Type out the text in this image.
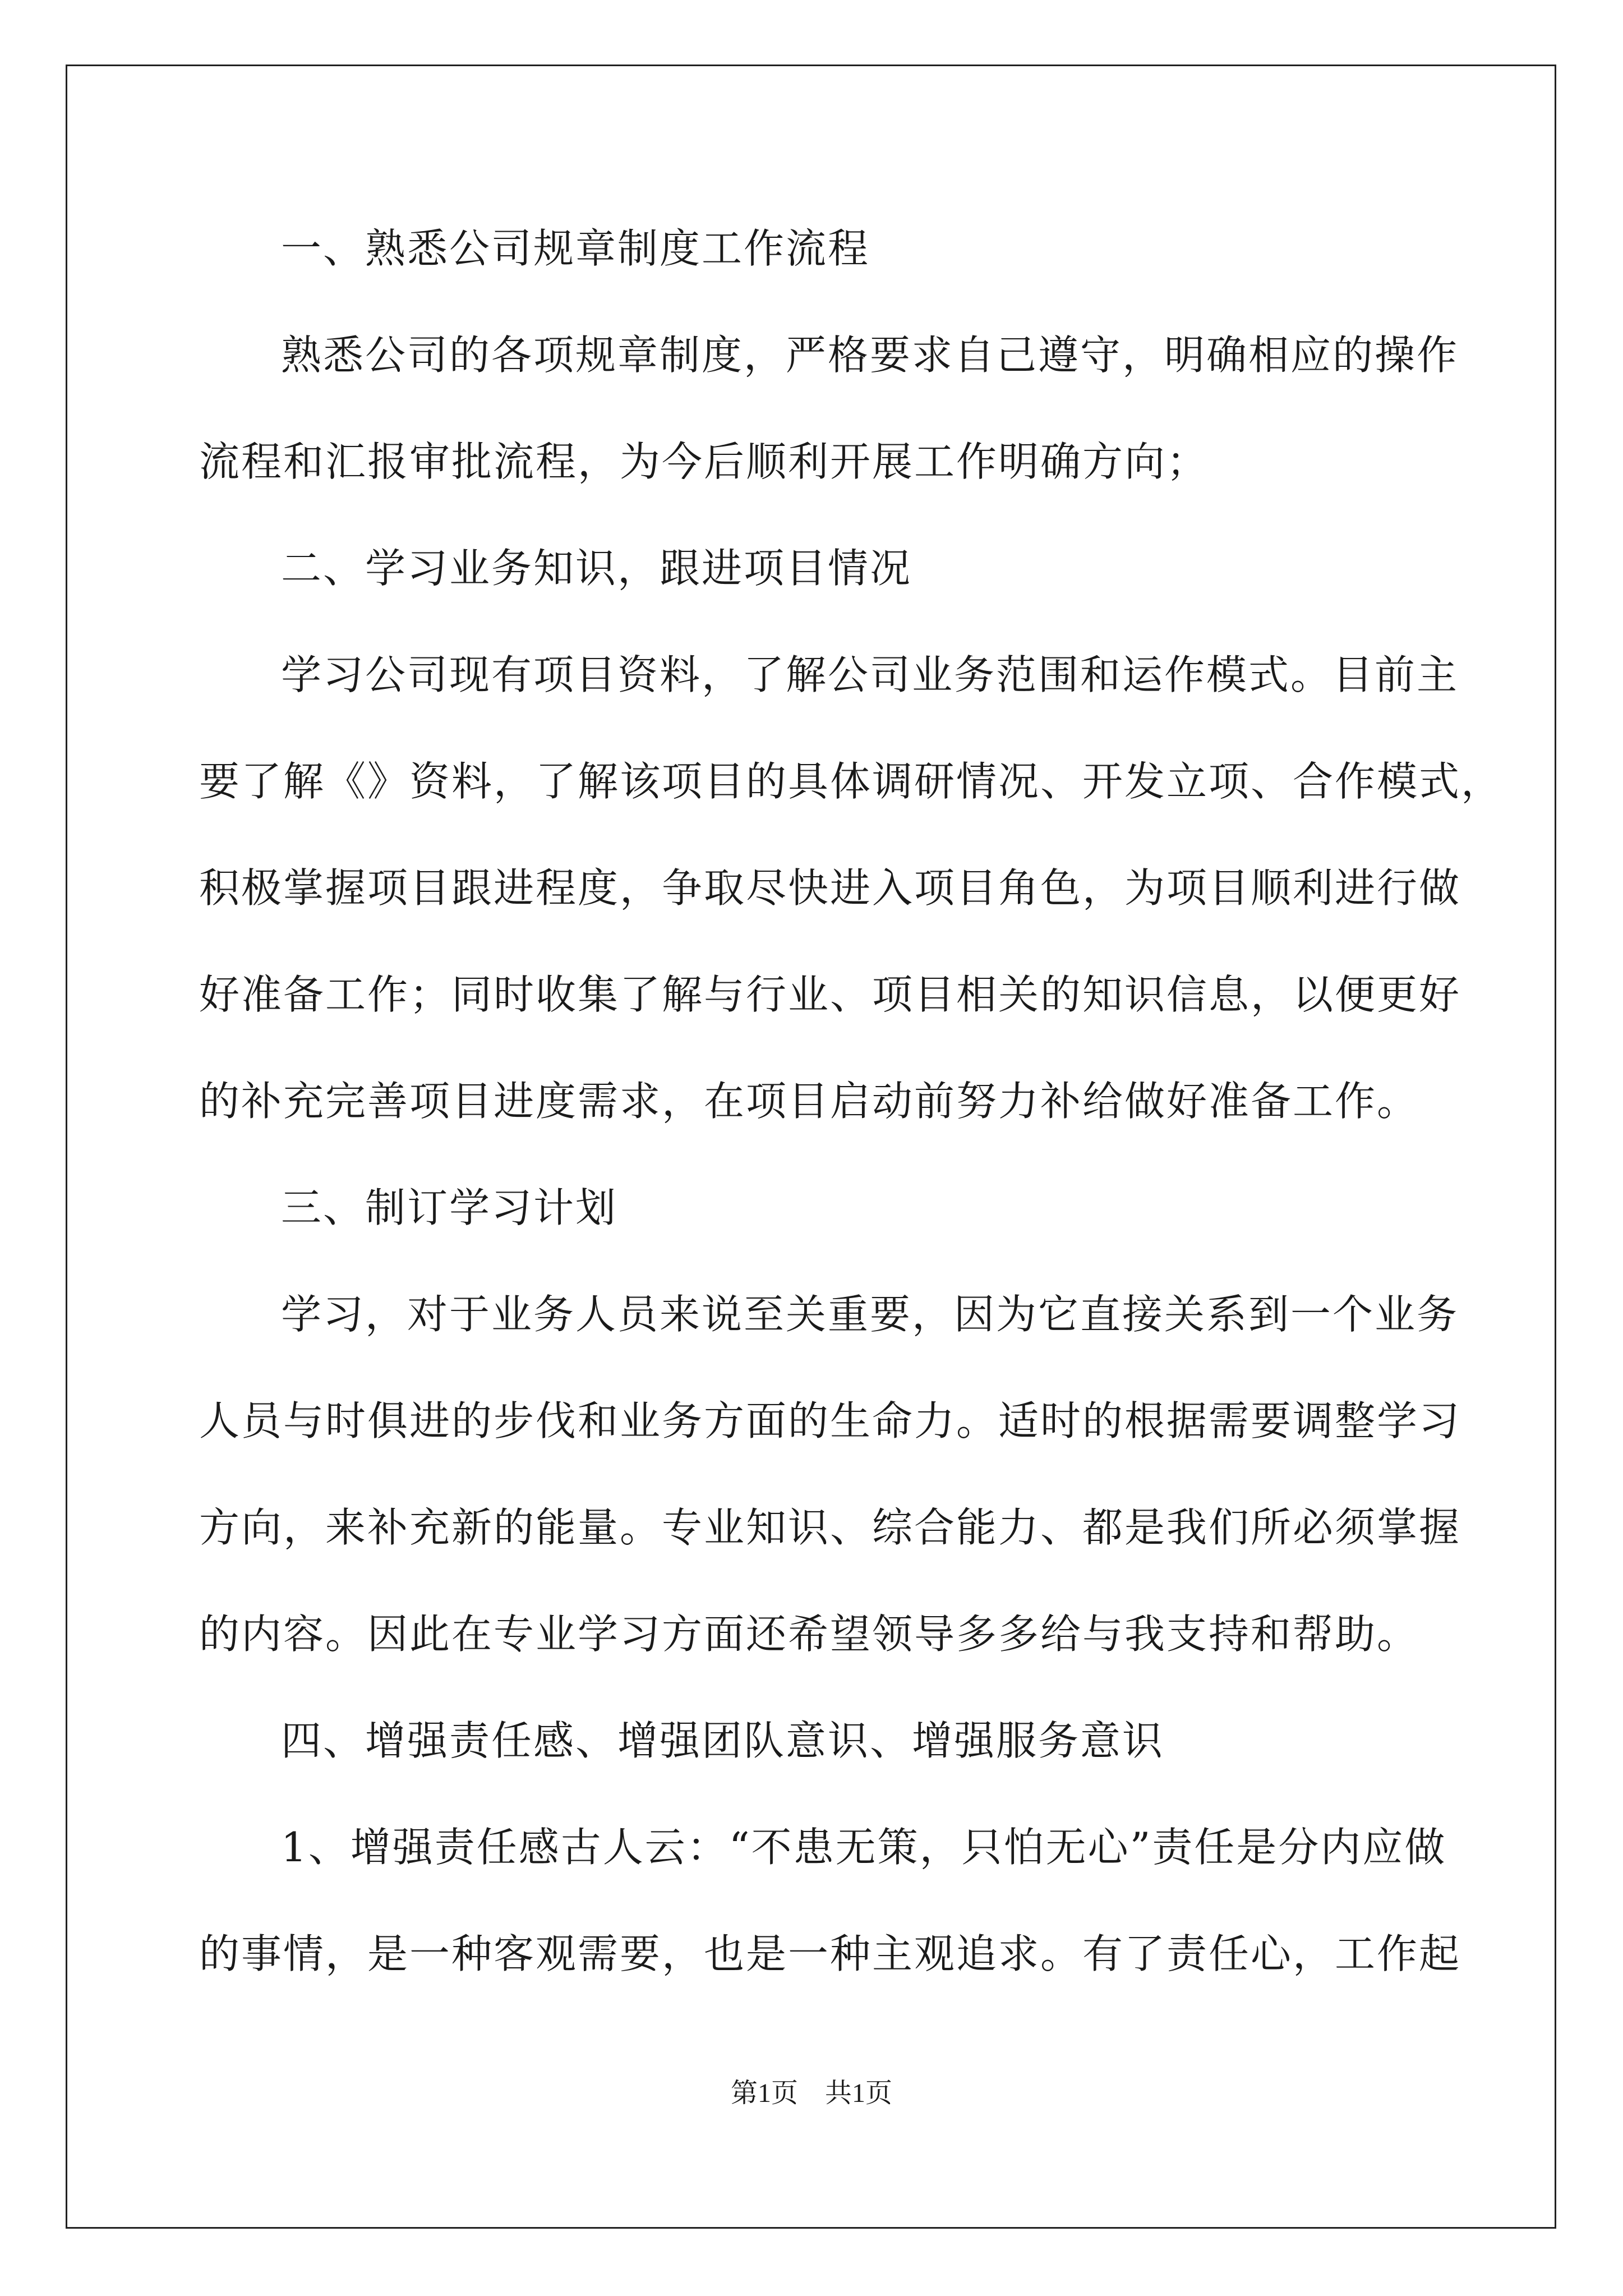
一、熟悉公司规章制度工作流程
熟悉公司的各项规章制度，严格要求自己遵守，明确相应的操作
流程和汇报审批流程，为今后顺利开展工作明确方向；
二、学习业务知识，跟进项目情况
学习公司现有项目资料，了解公司业务范围和运作模式。目前主
要了解《》资料，了解该项目的具体调研情况、开发立项、合作模式，
积极掌握项目跟进程度，争取尽快进入项目角色，为项目顺利进行做
好准备工作；同时收集了解与行业、项目相关的知识信息，以便更好
的补充完善项目进度需求，在项目启动前努力补给做好准备工作。
三、制订学习计划
学习，对于业务人员来说至关重要，因为它直接关系到一个业务
人员与时俱进的步伐和业务方面的生命力。适时的根据需要调整学习
方向，来补充新的能量。专业知识、综合能力、都是我们所必须掌握
的内容。因此在专业学习方面还希望领导多多给与我支持和帮助。
四、增强责任感、增强团队意识、增强服务意识
1、增强责任感古人云：“不患无策，只怕无心”责任是分内应做
的事情，是一种客观需要，也是一种主观追求。有了责任心，工作起
第1页　共1页
